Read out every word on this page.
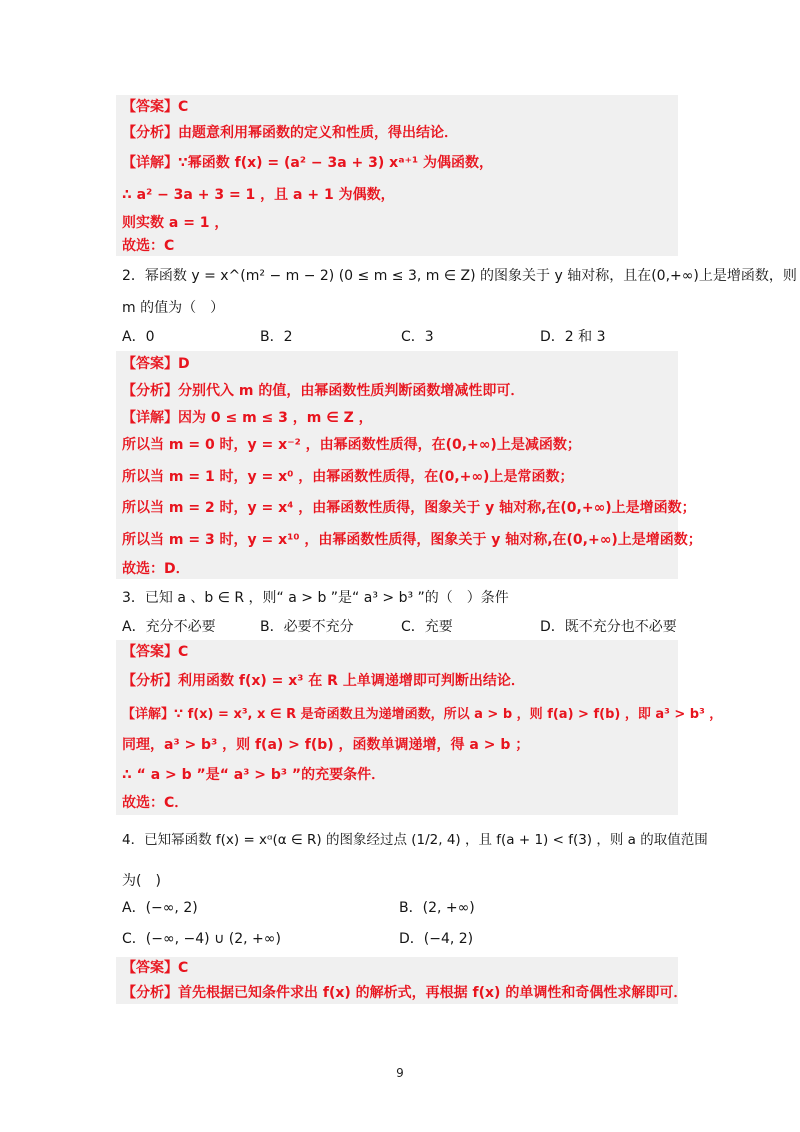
【答案】C
【分析】由题意利用幂函数的定义和性质，得出结论．
【详解】∵幂函数 f(x) = (a² − 3a + 3) xᵃ⁺¹ 为偶函数，
∴ a² − 3a + 3 = 1 ，且 a + 1 为偶数，
则实数 a = 1 ，
故选：C
2．幂函数 y = x^(m² − m − 2) (0 ≤ m ≤ 3, m ∈ Z) 的图象关于 y 轴对称，且在(0,+∞)上是增函数，则
m 的值为（　）
A．0	B．2	C．3	D．2 和 3
【答案】D
【分析】分别代入 m 的值，由幂函数性质判断函数增减性即可．
【详解】因为 0 ≤ m ≤ 3 ，m ∈ Z ，
所以当 m = 0 时，y = x⁻² ，由幂函数性质得，在(0,+∞)上是减函数；
所以当 m = 1 时，y = x⁰ ，由幂函数性质得，在(0,+∞)上是常函数；
所以当 m = 2 时，y = x⁴ ，由幂函数性质得，图象关于 y 轴对称,在(0,+∞)上是增函数；
所以当 m = 3 时，y = x¹⁰ ，由幂函数性质得，图象关于 y 轴对称,在(0,+∞)上是增函数；
故选：D．
3．已知 a 、b ∈ R ，则“ a > b ”是“ a³ > b³ ”的（　）条件
A．充分不必要	B．必要不充分	C．充要	D．既不充分也不必要
【答案】C
【分析】利用函数 f(x) = x³ 在 R 上单调递增即可判断出结论．
【详解】∵ f(x) = x³, x ∈ R 是奇函数且为递增函数，所以 a > b ，则 f(a) > f(b) ，即 a³ > b³ ，
同理，a³ > b³ ，则 f(a) > f(b) ，函数单调递增，得 a > b ；
∴ “ a > b ”是“ a³ > b³ ”的充要条件．
故选：C．
4．已知幂函数 f(x) = xᵅ(α ∈ R) 的图象经过点 (1/2, 4) ，且 f(a + 1) < f(3) ，则 a 的取值范围
为(　)
A．(−∞, 2)	B．(2, +∞)
C．(−∞, −4) ∪ (2, +∞)	D．(−4, 2)
【答案】C
【分析】首先根据已知条件求出 f(x) 的解析式，再根据 f(x) 的单调性和奇偶性求解即可．
9
